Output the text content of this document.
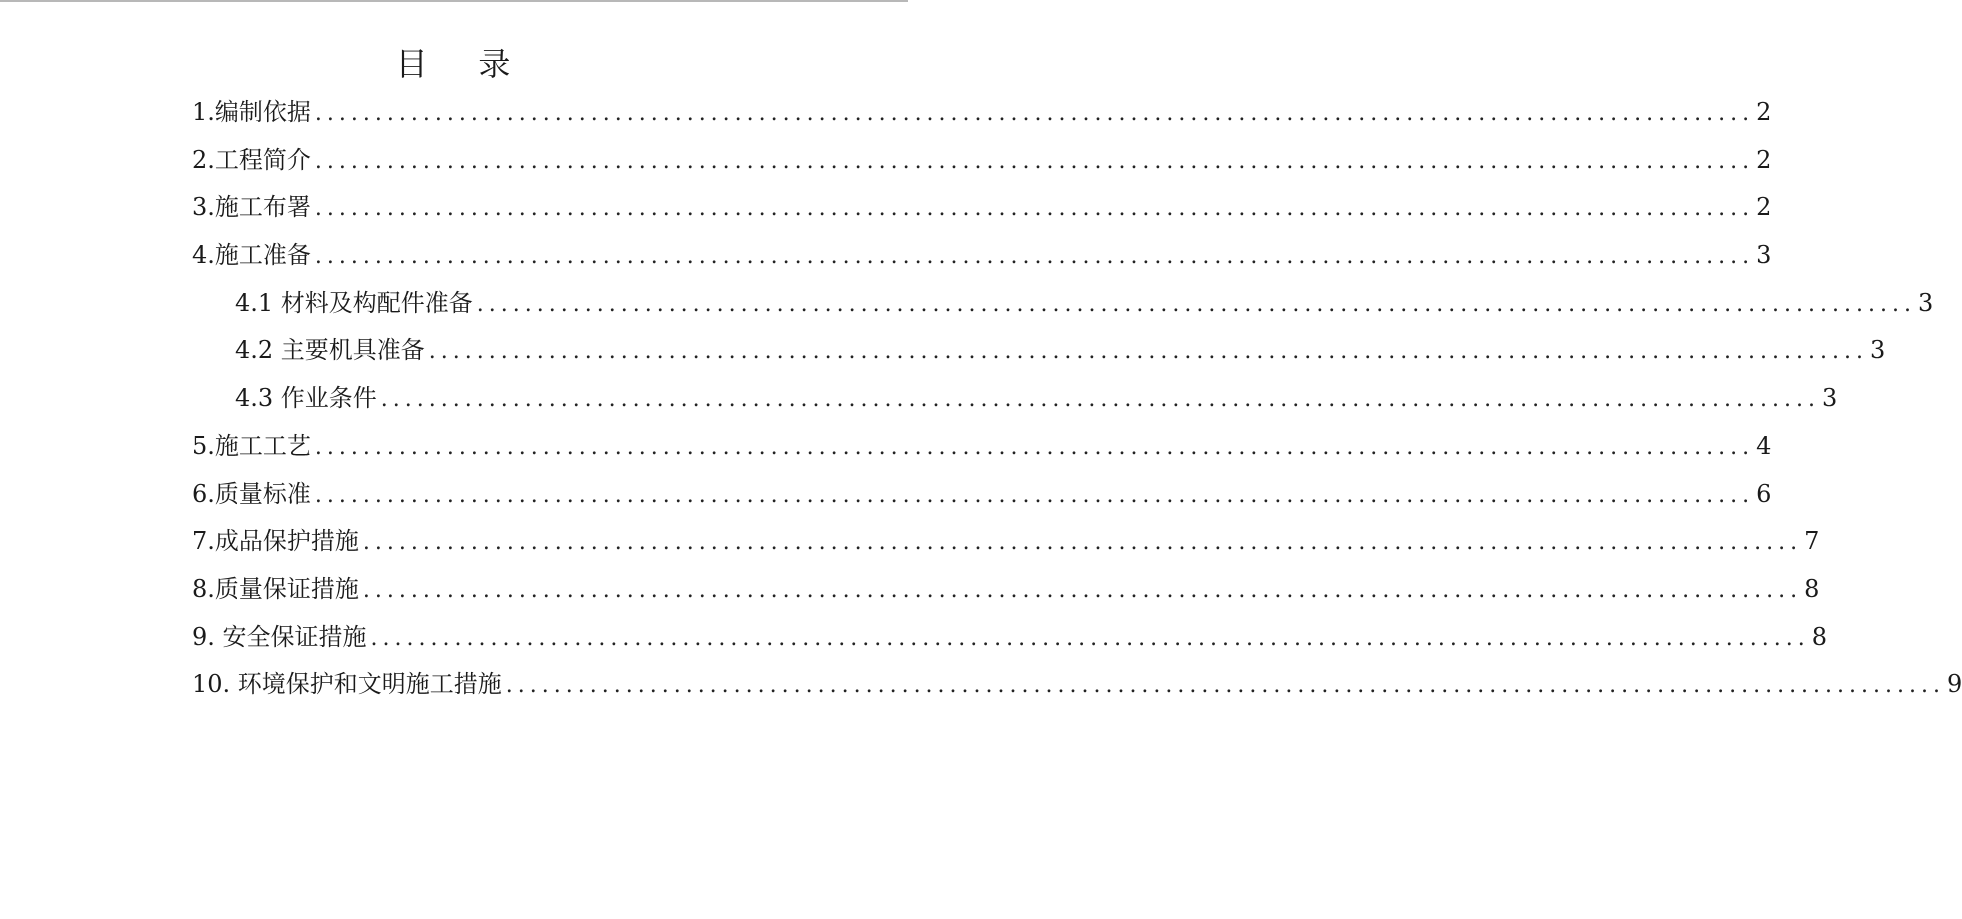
目    录
1.编制依据 ........................................................................................................................ 2
2.工程简介 ........................................................................................................................ 2
3.施工布署 ........................................................................................................................ 2
4.施工准备 ........................................................................................................................ 3
4.1 材料及构配件准备 ........................................................................................................................ 3
4.2 主要机具准备 ........................................................................................................................ 3
4.3 作业条件 ........................................................................................................................ 3
5.施工工艺 ........................................................................................................................ 4
6.质量标准 ........................................................................................................................ 6
7.成品保护措施 ........................................................................................................................ 7
8.质量保证措施 ........................................................................................................................ 8
9. 安全保证措施 ........................................................................................................................ 8
10. 环境保护和文明施工措施 ........................................................................................................................ 9
